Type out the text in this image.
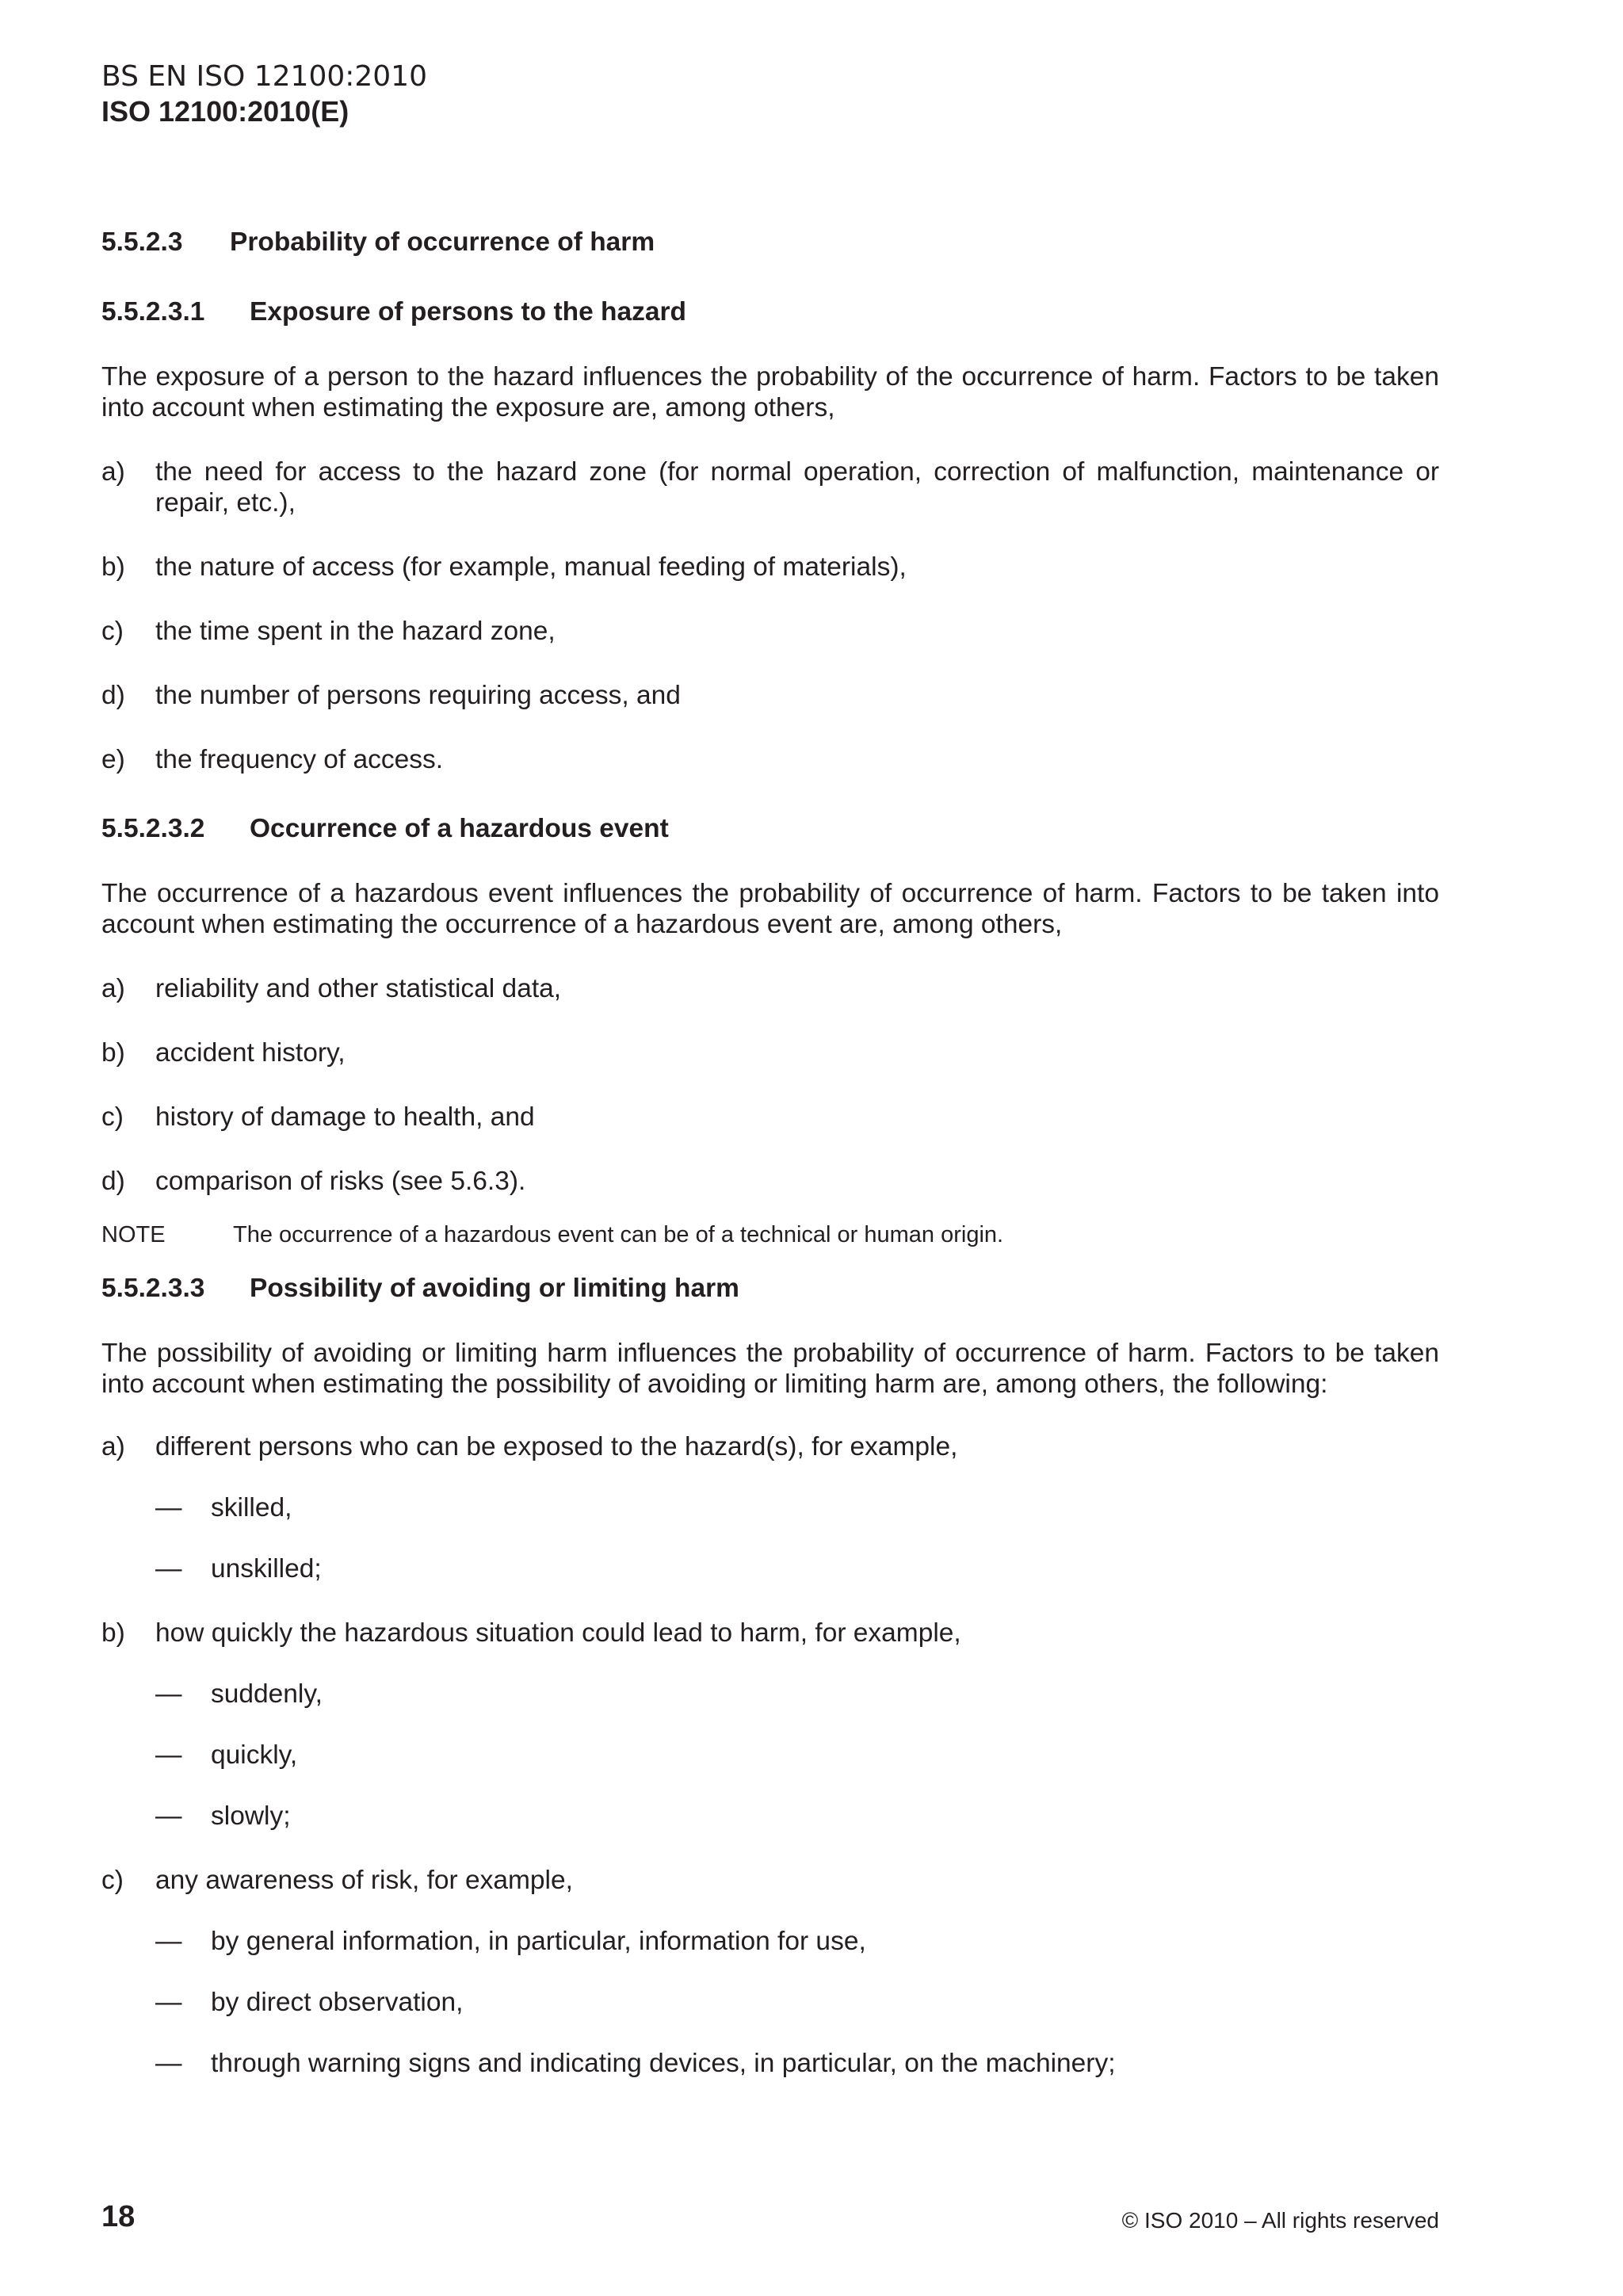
BS EN ISO 12100:2010
ISO 12100:2010(E)
5.5.2.3	Probability of occurrence of harm
5.5.2.3.1	Exposure of persons to the hazard
The exposure of a person to the hazard influences the probability of the occurrence of harm. Factors to be taken into account when estimating the exposure are, among others,
a)	the need for access to the hazard zone (for normal operation, correction of malfunction, maintenance or repair, etc.),
b)	the nature of access (for example, manual feeding of materials),
c)	the time spent in the hazard zone,
d)	the number of persons requiring access, and
e)	the frequency of access.
5.5.2.3.2	Occurrence of a hazardous event
The occurrence of a hazardous event influences the probability of occurrence of harm. Factors to be taken into account when estimating the occurrence of a hazardous event are, among others,
a)	reliability and other statistical data,
b)	accident history,
c)	history of damage to health, and
d)	comparison of risks (see 5.6.3).
NOTE	The occurrence of a hazardous event can be of a technical or human origin.
5.5.2.3.3	Possibility of avoiding or limiting harm
The possibility of avoiding or limiting harm influences the probability of occurrence of harm. Factors to be taken into account when estimating the possibility of avoiding or limiting harm are, among others, the following:
a)	different persons who can be exposed to the hazard(s), for example,
—	skilled,
—	unskilled;
b)	how quickly the hazardous situation could lead to harm, for example,
—	suddenly,
—	quickly,
—	slowly;
c)	any awareness of risk, for example,
—	by general information, in particular, information for use,
—	by direct observation,
—	through warning signs and indicating devices, in particular, on the machinery;
18	© ISO 2010 – All rights reserved
